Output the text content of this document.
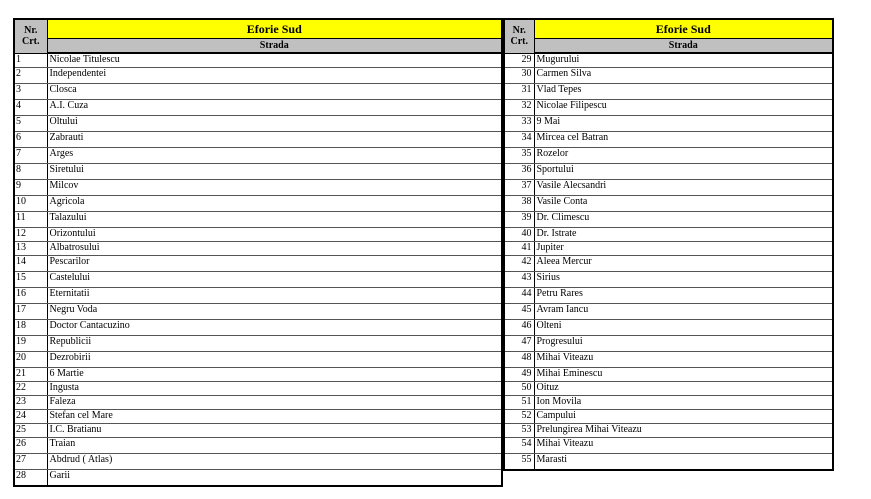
Nr.
Crt.	Eforie Sud
	Strada
1	Nicolae Titulescu
2	Independentei
3	Closca
4	A.I. Cuza
5	Oltului
6	Zabrauti
7	Arges
8	Siretului
9	Milcov
10	Agricola
11	Talazului
12	Orizontului
13	Albatrosului
14	Pescarilor
15	Castelului
16	Eternitatii
17	Negru Voda
18	Doctor Cantacuzino
19	Republicii
20	Dezrobirii
21	6 Martie
22	Ingusta
23	Faleza
24	Stefan cel Mare
25	I.C. Bratianu
26	Traian
27	Abdrud ( Atlas)
28	Garii
Nr.
Crt.	Eforie Sud
	Strada
29	Mugurului
30	Carmen Silva
31	Vlad Tepes
32	Nicolae Filipescu
33	9 Mai
34	Mircea cel Batran
35	Rozelor
36	Sportului
37	Vasile Alecsandri
38	Vasile Conta
39	Dr. Climescu
40	Dr. Istrate
41	Jupiter
42	Aleea Mercur
43	Sirius
44	Petru Rares
45	Avram Iancu
46	Olteni
47	Progresului
48	Mihai Viteazu
49	Mihai Eminescu
50	Oituz
51	Ion Movila
52	Campului
53	Prelungirea Mihai Viteazu
54	Mihai Viteazu
55	Marasti
